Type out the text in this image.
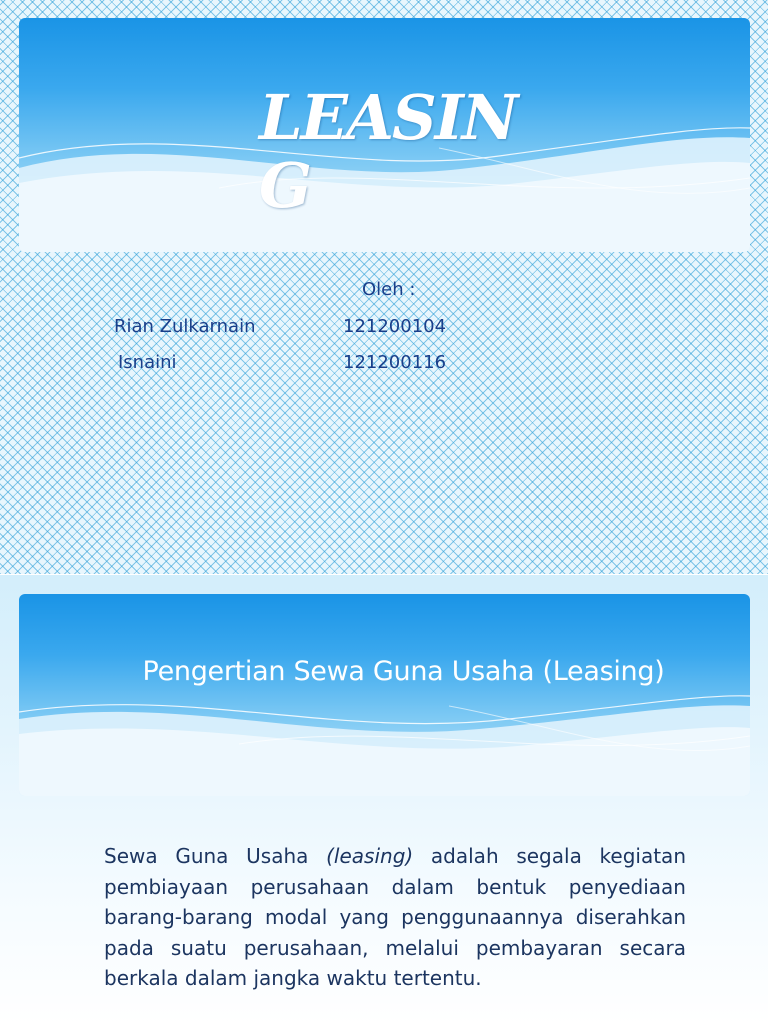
LEASING
Oleh :
Rian Zulkarnain	121200104
Isnaini	121200116
Pengertian Sewa Guna Usaha (Leasing)

Sewa Guna Usaha (leasing) adalah segala kegiatan pembiayaan perusahaan dalam bentuk penyediaan barang-barang modal yang penggunaannya diserahkan pada suatu perusahaan, melalui pembayaran secara berkala dalam jangka waktu tertentu.
